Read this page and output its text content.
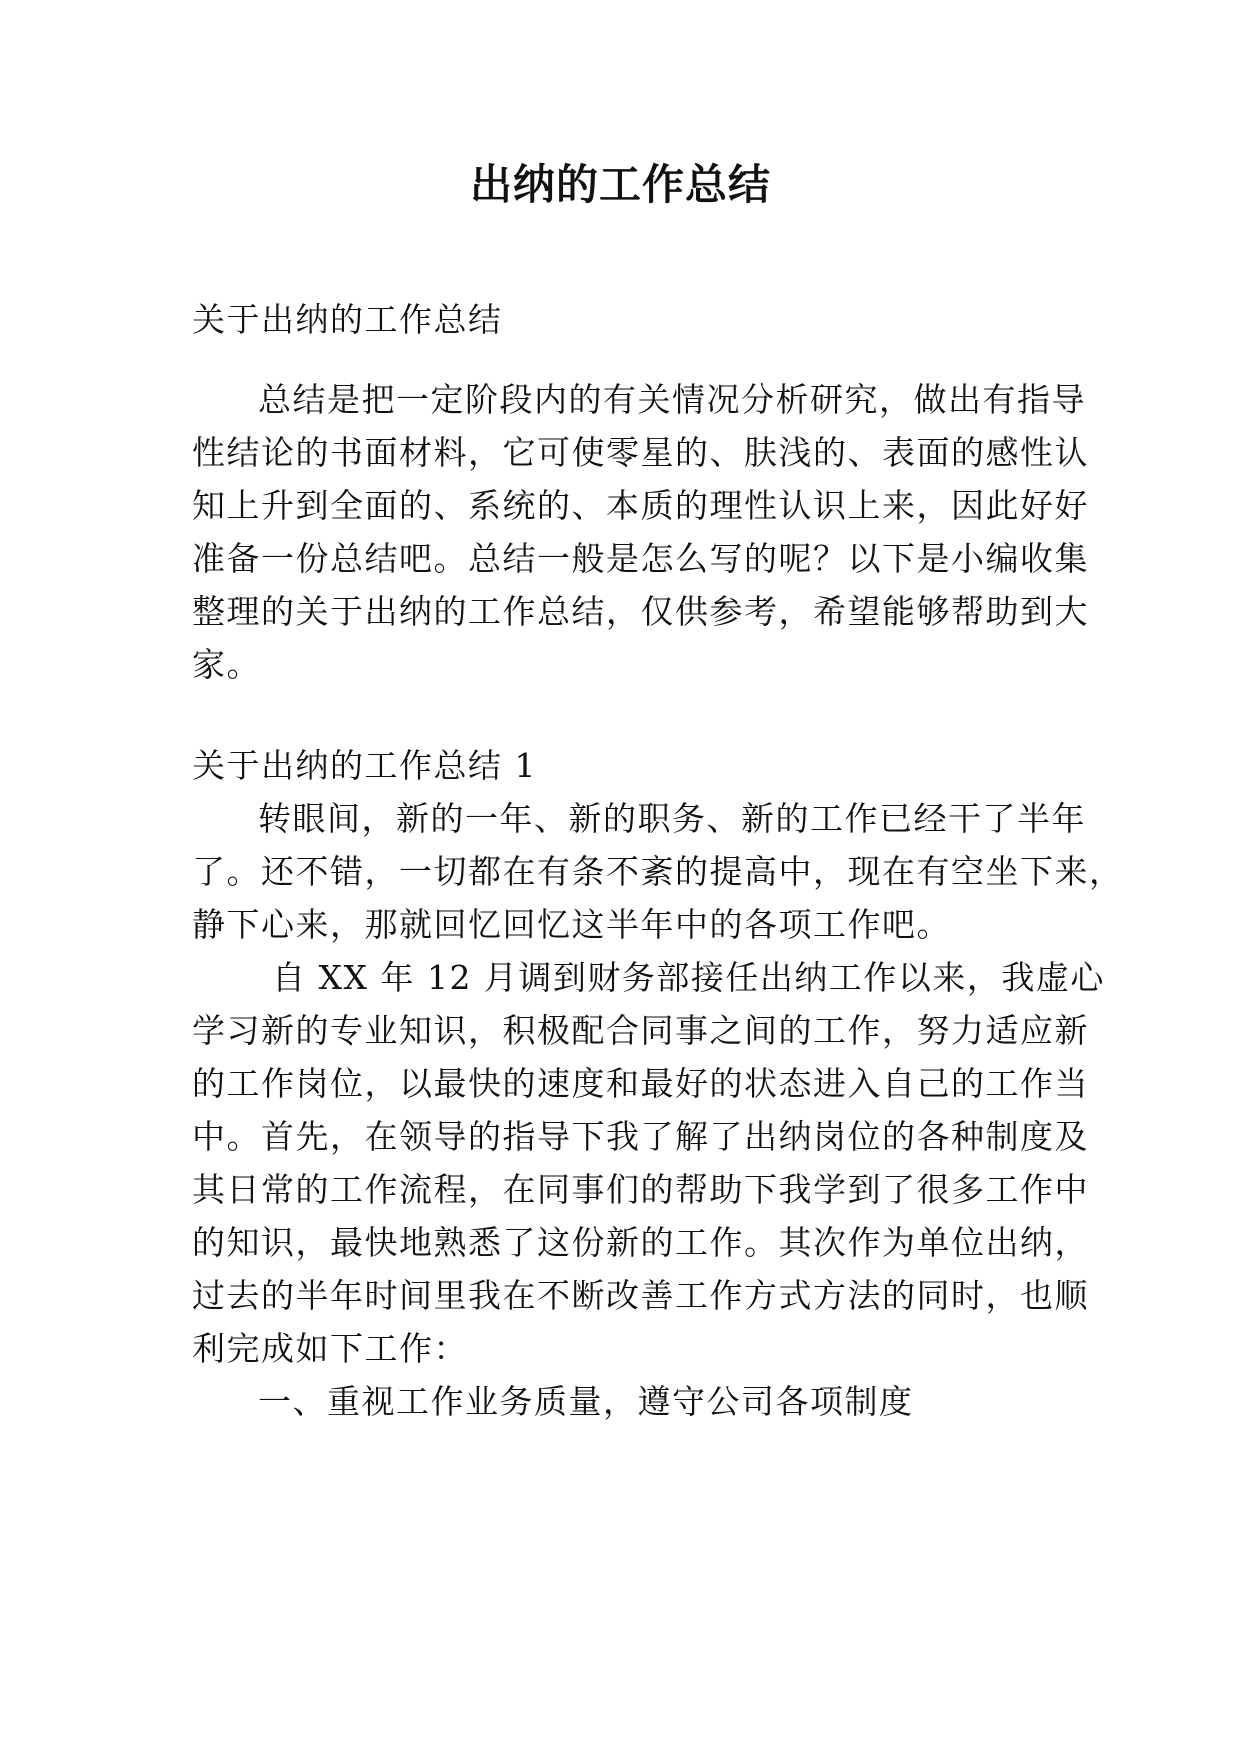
出纳的工作总结
关于出纳的工作总结
总结是把一定阶段内的有关情况分析研究，做出有指导
性结论的书面材料，它可使零星的、肤浅的、表面的感性认
知上升到全面的、系统的、本质的理性认识上来，因此好好
准备一份总结吧。总结一般是怎么写的呢？以下是小编收集
整理的关于出纳的工作总结，仅供参考，希望能够帮助到大
家。
关于出纳的工作总结 1
转眼间，新的一年、新的职务、新的工作已经干了半年
了。还不错，一切都在有条不紊的提高中，现在有空坐下来，
静下心来，那就回忆回忆这半年中的各项工作吧。
自 XX 年 12 月调到财务部接任出纳工作以来，我虚心
学习新的专业知识，积极配合同事之间的工作，努力适应新
的工作岗位，以最快的速度和最好的状态进入自己的工作当
中。首先，在领导的指导下我了解了出纳岗位的各种制度及
其日常的工作流程，在同事们的帮助下我学到了很多工作中
的知识，最快地熟悉了这份新的工作。其次作为单位出纳，
过去的半年时间里我在不断改善工作方式方法的同时，也顺
利完成如下工作：
一、重视工作业务质量，遵守公司各项制度
